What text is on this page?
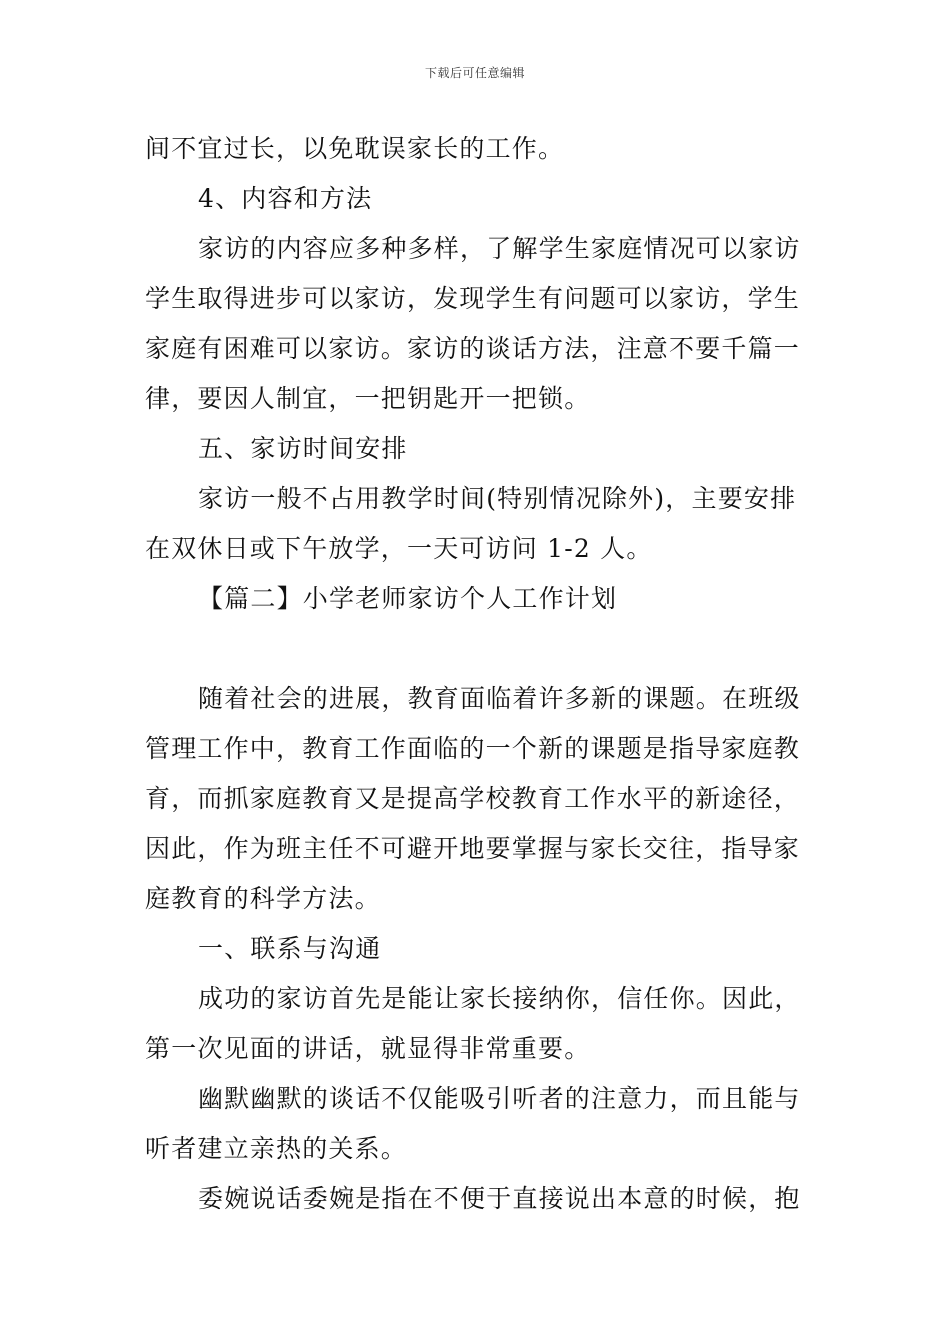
下载后可任意编辑
间不宜过长，以免耽误家长的工作。
4、内容和方法
家访的内容应多种多样，了解学生家庭情况可以家访
学生取得进步可以家访，发现学生有问题可以家访，学生
家庭有困难可以家访。家访的谈话方法，注意不要千篇一
律，要因人制宜，一把钥匙开一把锁。
五、家访时间安排
家访一般不占用教学时间(特别情况除外)，主要安排
在双休日或下午放学，一天可访问 1-2 人。
【篇二】小学老师家访个人工作计划
随着社会的进展，教育面临着许多新的课题。在班级
管理工作中，教育工作面临的一个新的课题是指导家庭教
育，而抓家庭教育又是提高学校教育工作水平的新途径，
因此，作为班主任不可避开地要掌握与家长交往，指导家
庭教育的科学方法。
一、联系与沟通
成功的家访首先是能让家长接纳你，信任你。因此，
第一次见面的讲话，就显得非常重要。
幽默幽默的谈话不仅能吸引听者的注意力，而且能与
听者建立亲热的关系。
委婉说话委婉是指在不便于直接说出本意的时候，抱
